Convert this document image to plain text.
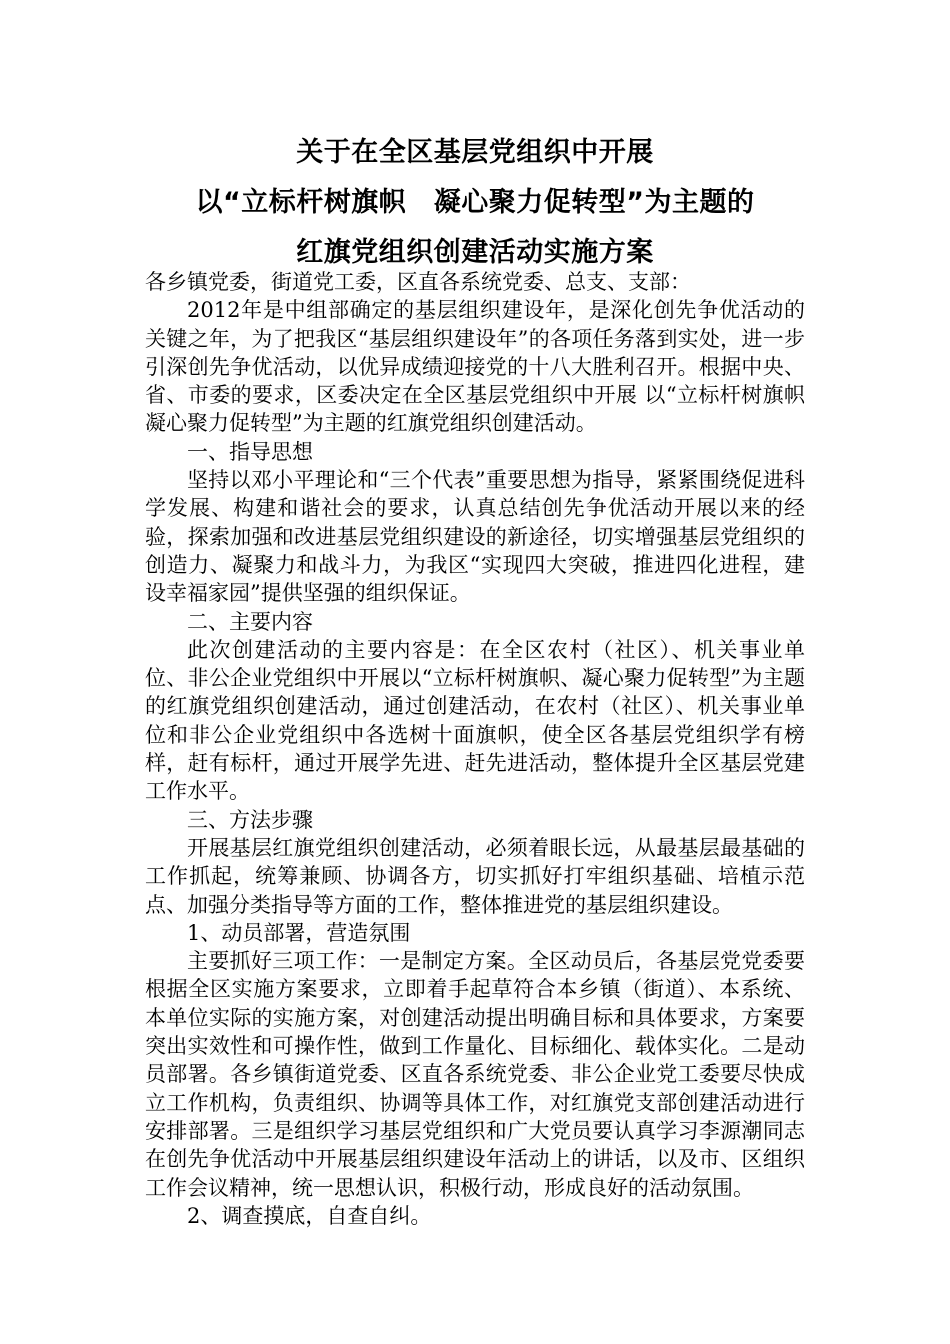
关于在全区基层党组织中开展
以“立标杆树旗帜　凝心聚力促转型”为主题的
红旗党组织创建活动实施方案

各乡镇党委，街道党工委，区直各系统党委、总支、支部：

2012年是中组部确定的基层组织建设年，是深化创先争优活动的关键之年，为了把我区“基层组织建设年”的各项任务落到实处，进一步引深创先争优活动，以优异成绩迎接党的十八大胜利召开。根据中央、省、市委的要求，区委决定在全区基层党组织中开展 以“立标杆树旗帜　凝心聚力促转型”为主题的红旗党组织创建活动。

一、指导思想

坚持以邓小平理论和“三个代表”重要思想为指导，紧紧围绕促进科学发展、构建和谐社会的要求，认真总结创先争优活动开展以来的经验，探索加强和改进基层党组织建设的新途径，切实增强基层党组织的创造力、凝聚力和战斗力，为我区“实现四大突破，推进四化进程，建设幸福家园”提供坚强的组织保证。

二、主要内容

此次创建活动的主要内容是：在全区农村（社区）、机关事业单位、非公企业党组织中开展以“立标杆树旗帜、凝心聚力促转型”为主题的红旗党组织创建活动，通过创建活动，在农村（社区）、机关事业单位和非公企业党组织中各选树十面旗帜，使全区各基层党组织学有榜样，赶有标杆，通过开展学先进、赶先进活动，整体提升全区基层党建工作水平。

三、方法步骤

开展基层红旗党组织创建活动，必须着眼长远，从最基层最基础的工作抓起，统筹兼顾、协调各方，切实抓好打牢组织基础、培植示范点、加强分类指导等方面的工作，整体推进党的基层组织建设。

1、动员部署，营造氛围

主要抓好三项工作：一是制定方案。全区动员后，各基层党党委要根据全区实施方案要求，立即着手起草符合本乡镇（街道）、本系统、本单位实际的实施方案，对创建活动提出明确目标和具体要求，方案要突出实效性和可操作性，做到工作量化、目标细化、载体实化。二是动员部署。各乡镇街道党委、区直各系统党委、非公企业党工委要尽快成立工作机构，负责组织、协调等具体工作，对红旗党支部创建活动进行安排部署。三是组织学习基层党组织和广大党员要认真学习李源潮同志在创先争优活动中开展基层组织建设年活动上的讲话，以及市、区组织工作会议精神，统一思想认识，积极行动，形成良好的活动氛围。

2、调查摸底，自查自纠。
